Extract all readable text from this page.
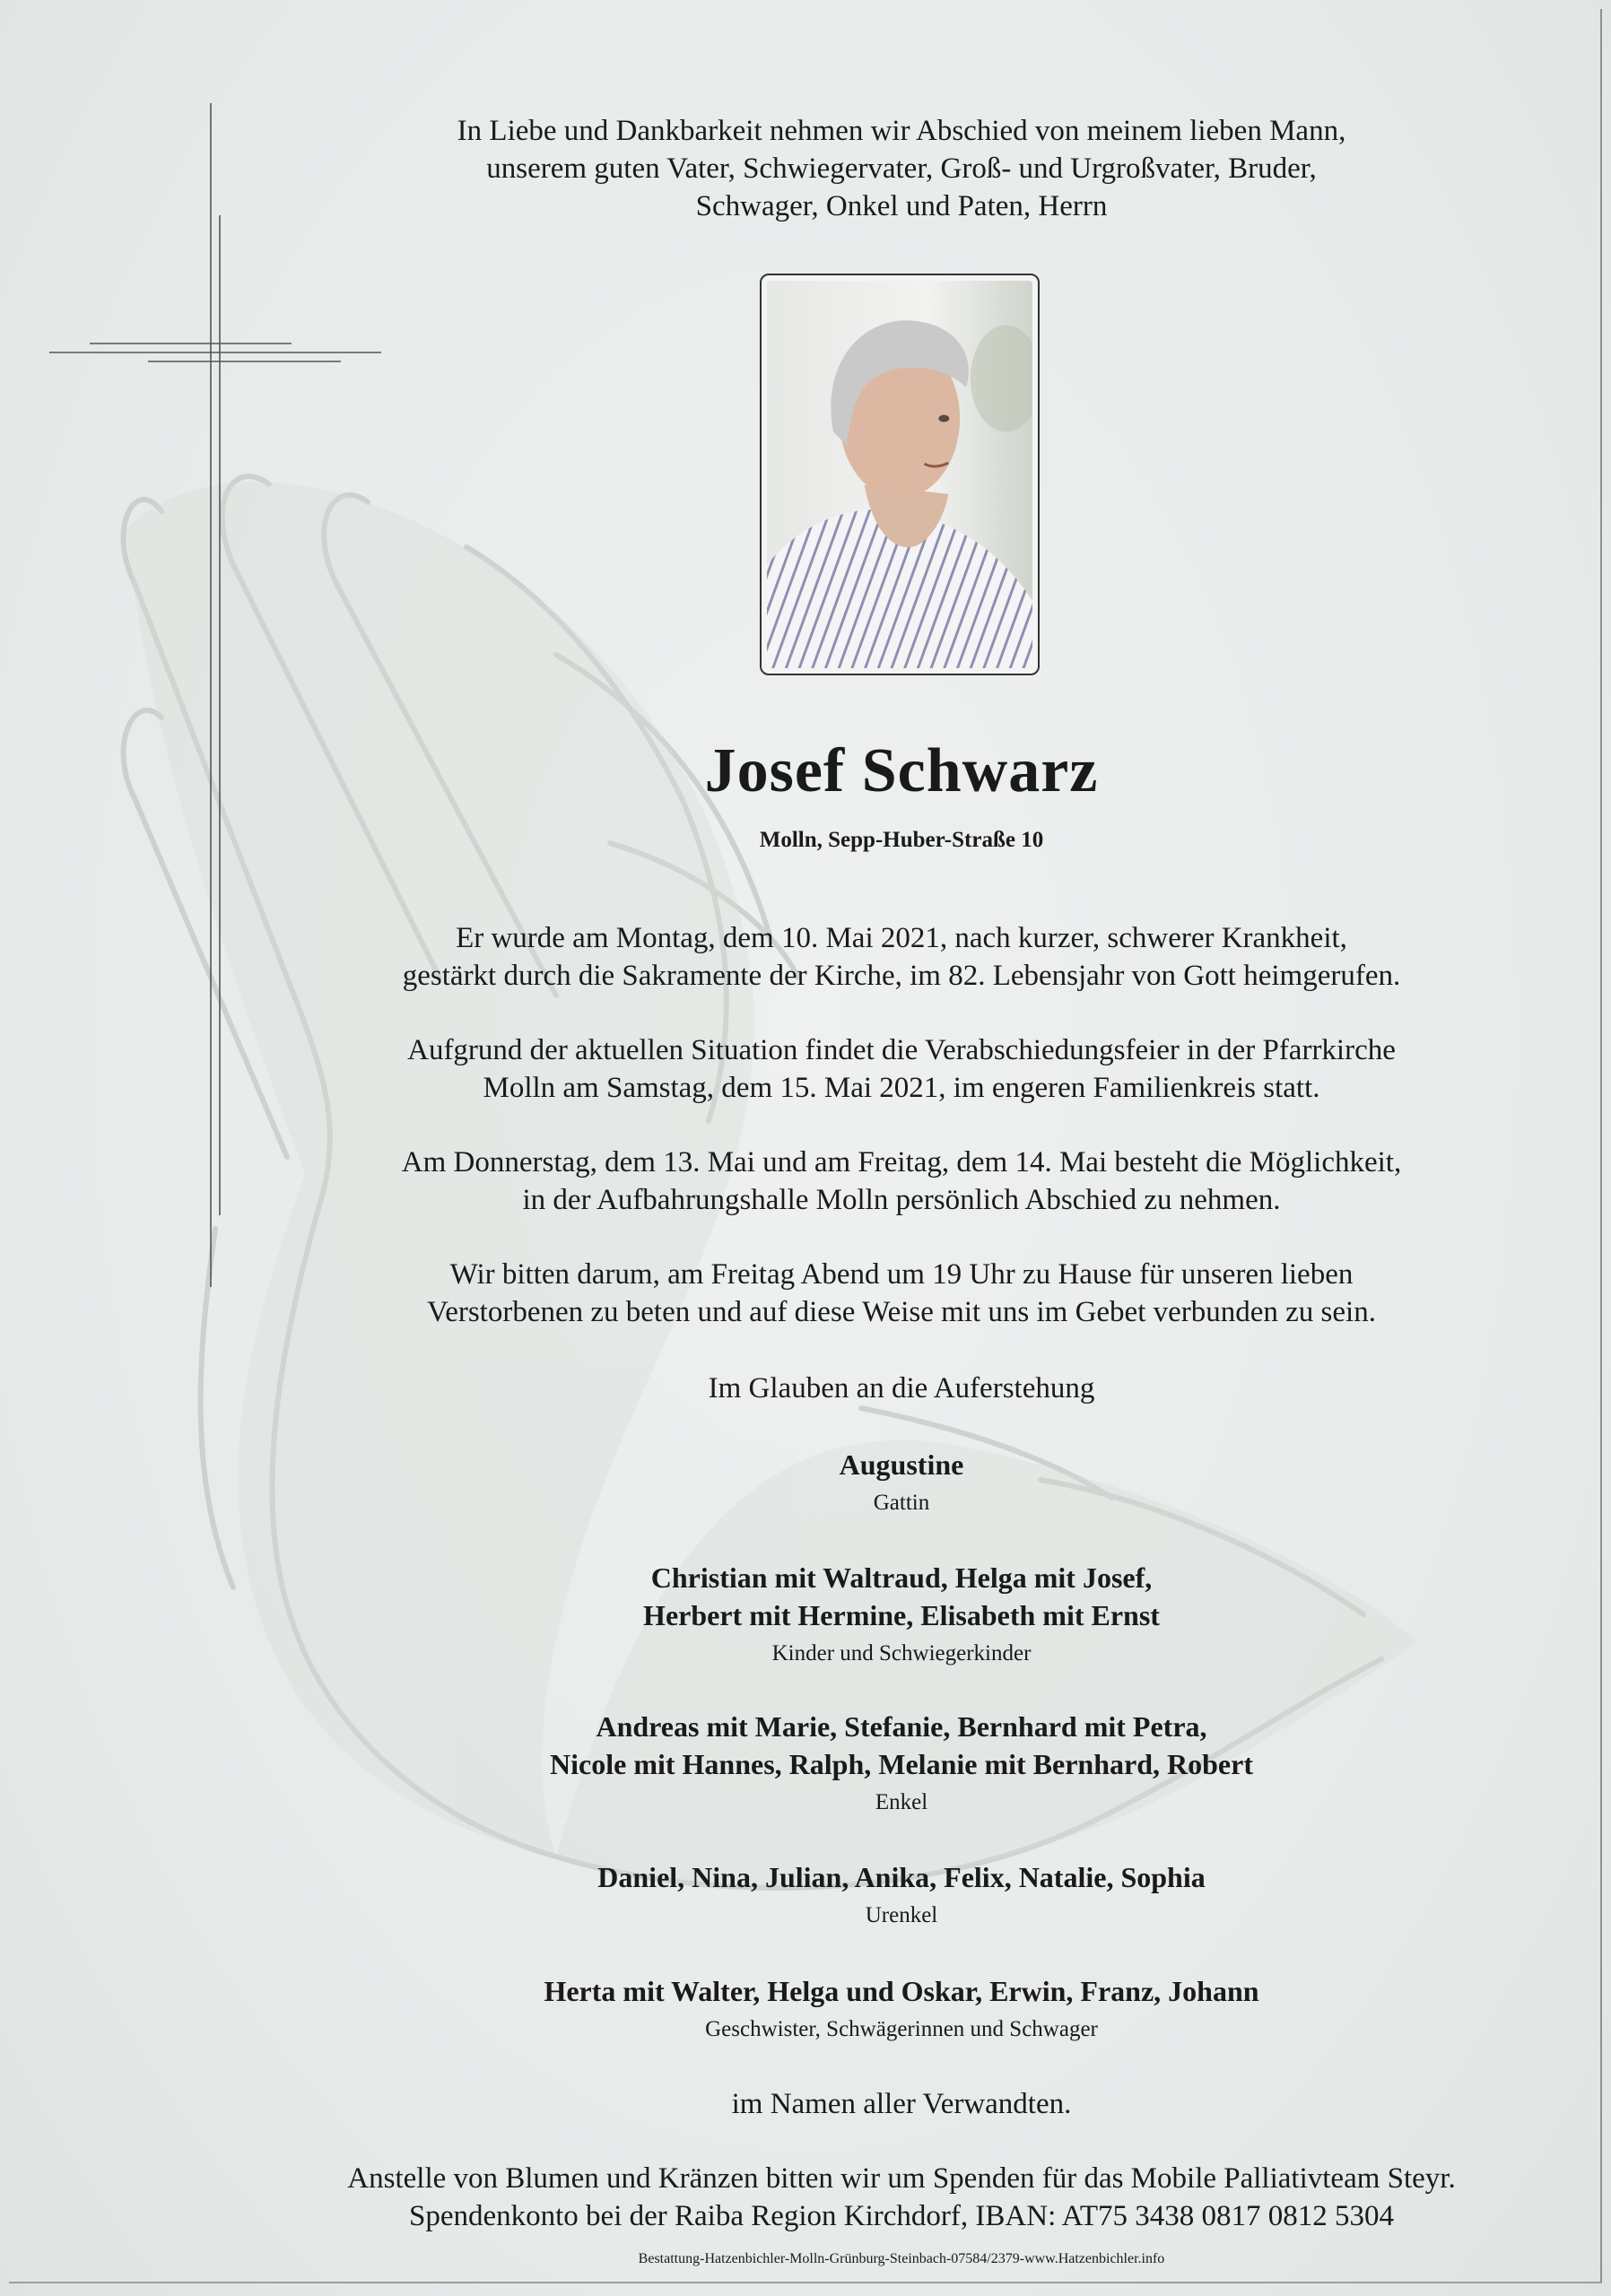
In Liebe und Dankbarkeit nehmen wir Abschied von meinem lieben Mann,
unserem guten Vater, Schwiegervater, Groß- und Urgroßvater, Bruder,
Schwager, Onkel und Paten, Herrn
Josef Schwarz
Molln, Sepp-Huber-Straße 10
Er wurde am Montag, dem 10. Mai 2021, nach kurzer, schwerer Krankheit,
gestärkt durch die Sakramente der Kirche, im 82. Lebensjahr von Gott heimgerufen.
Aufgrund der aktuellen Situation findet die Verabschiedungsfeier in der Pfarrkirche
Molln am Samstag, dem 15. Mai 2021, im engeren Familienkreis statt.
Am Donnerstag, dem 13. Mai und am Freitag, dem 14. Mai besteht die Möglichkeit,
in der Aufbahrungshalle Molln persönlich Abschied zu nehmen.
Wir bitten darum, am Freitag Abend um 19 Uhr zu Hause für unseren lieben
Verstorbenen zu beten und auf diese Weise mit uns im Gebet verbunden zu sein.
Im Glauben an die Auferstehung
Augustine
Gattin
Christian mit Waltraud, Helga mit Josef,
Herbert mit Hermine, Elisabeth mit Ernst
Kinder und Schwiegerkinder
Andreas mit Marie, Stefanie, Bernhard mit Petra,
Nicole mit Hannes, Ralph, Melanie mit Bernhard, Robert
Enkel
Daniel, Nina, Julian, Anika, Felix, Natalie, Sophia
Urenkel
Herta mit Walter, Helga und Oskar, Erwin, Franz, Johann
Geschwister, Schwägerinnen und Schwager
im Namen aller Verwandten.
Anstelle von Blumen und Kränzen bitten wir um Spenden für das Mobile Palliativteam Steyr.
Spendenkonto bei der Raiba Region Kirchdorf, IBAN: AT75 3438 0817 0812 5304
Bestattung-Hatzenbichler-Molln-Grünburg-Steinbach-07584/2379-www.Hatzenbichler.info
